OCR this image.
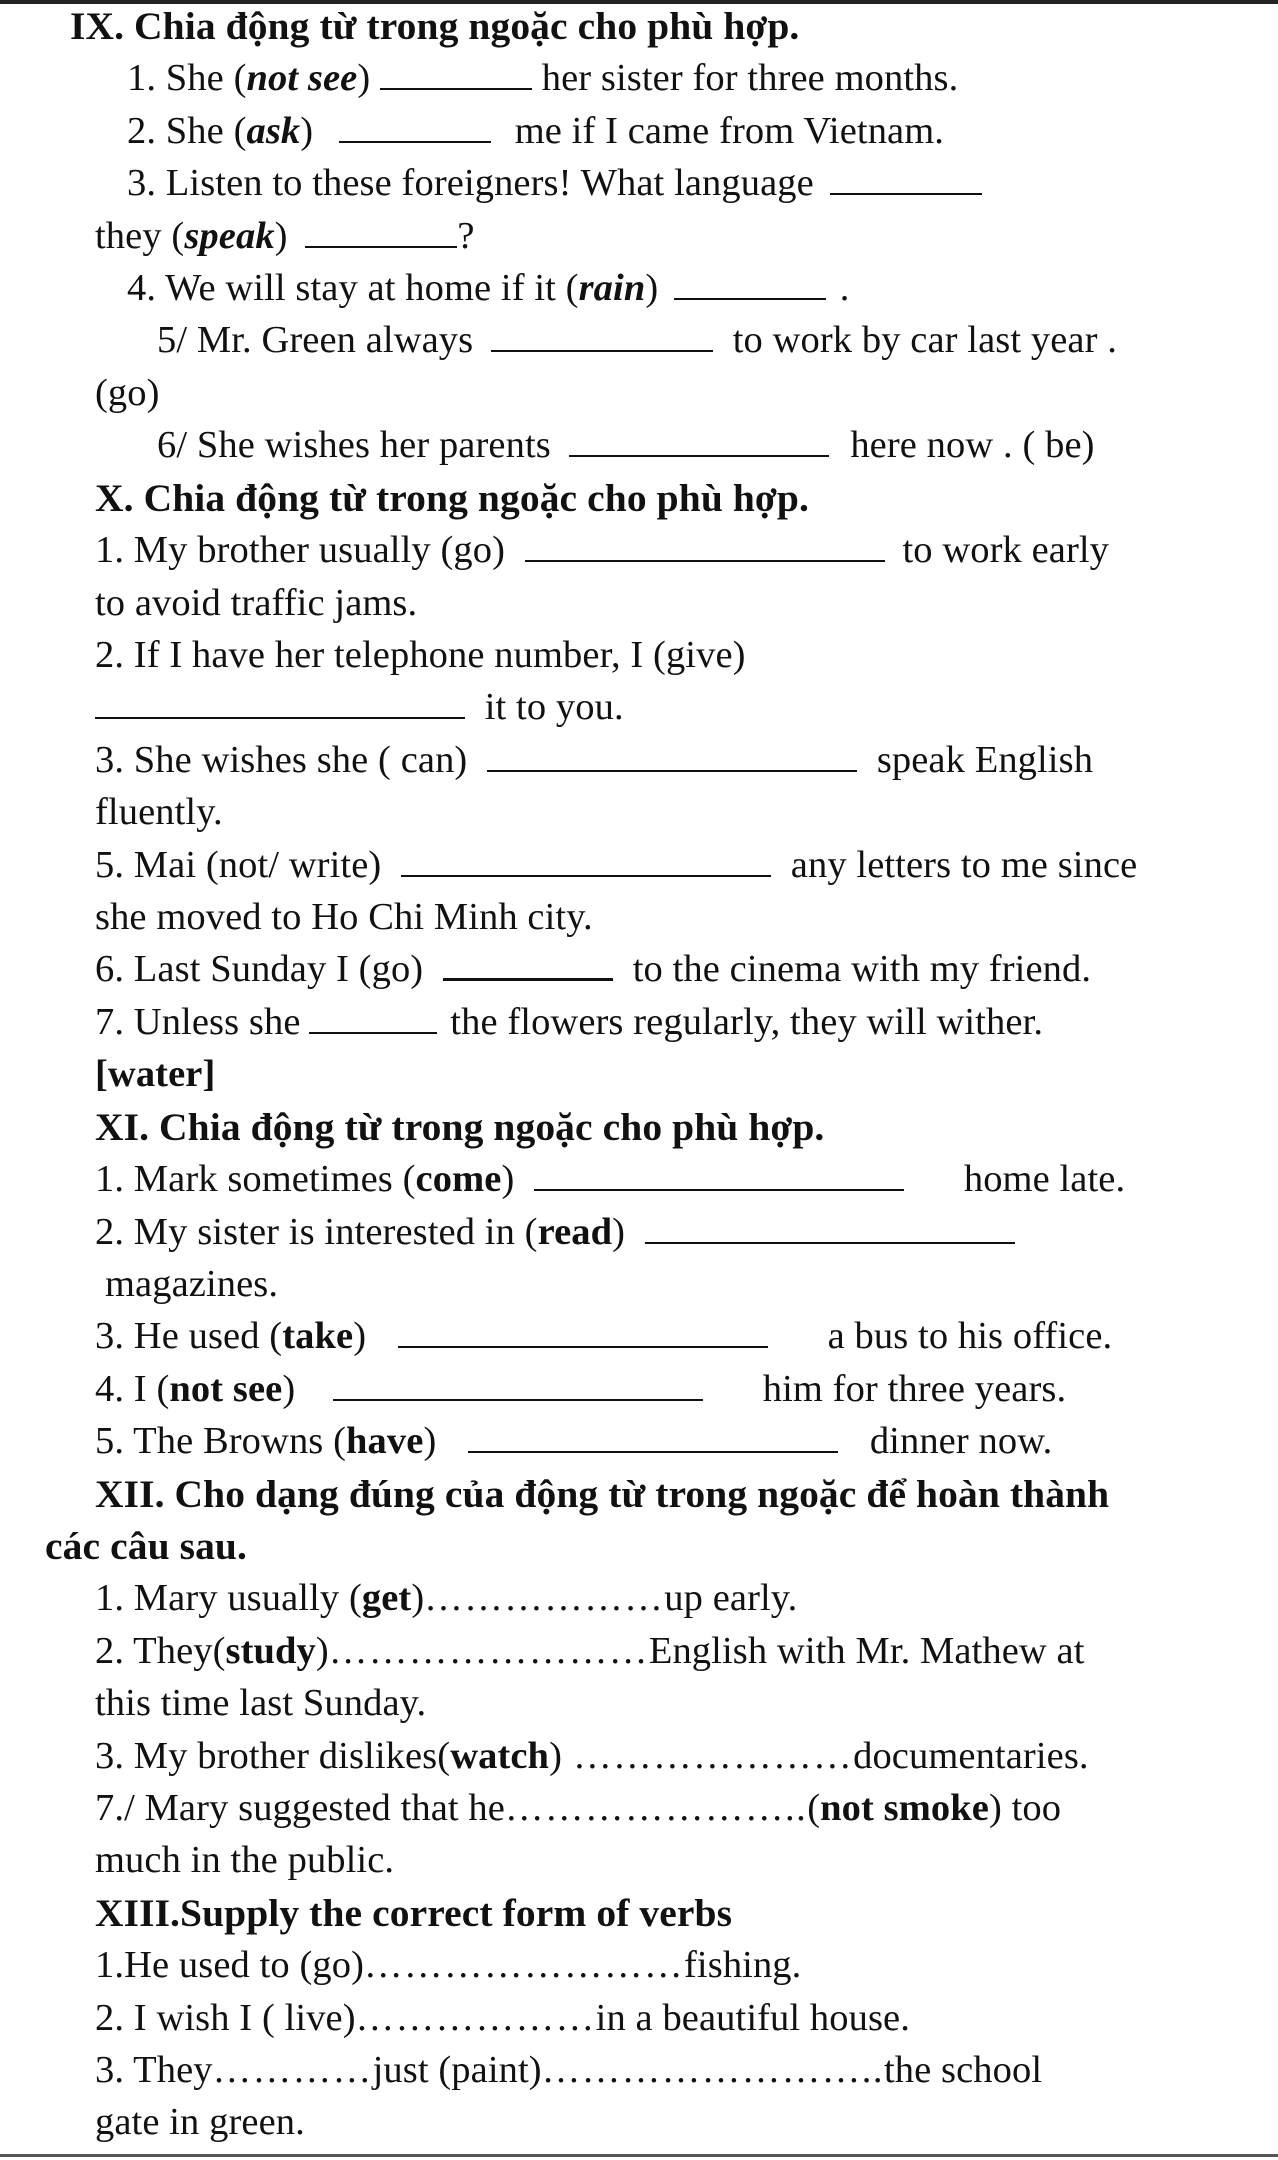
IX. Chia động từ trong ngoặc cho phù hợp.
1. She (not see)	her sister for three months.
2. She (ask)	me if I came from Vietnam.
3. Listen to these foreigners! What language
they (speak)	?
4. We will stay at home if it (rain)	.
5/ Mr. Green always	to work by car last year .
(go)
6/ She wishes her parents	here now . ( be)
X. Chia động từ trong ngoặc cho phù hợp.
1. My brother usually (go)	to work early
to avoid traffic jams.
2. If I have her telephone number, I (give)
it to you.
3. She wishes she ( can)	speak English
fluently.
5. Mai (not/ write)	any letters to me since
she moved to Ho Chi Minh city.
6. Last Sunday I (go)	to the cinema with my friend.
7. Unless she	the flowers regularly, they will wither.
[water]
XI. Chia động từ trong ngoặc cho phù hợp.
1. Mark sometimes (come)	home late.
2. My sister is interested in (read)
magazines.
3. He used (take)	a bus to his office.
4. I (not see)	him for three years.
5. The Browns (have)	dinner now.
XII. Cho dạng đúng của động từ trong ngoặc để hoàn thành
các câu sau.
1. Mary usually (get)………………up early.
2. They(study)……………………English with Mr. Mathew at
this time last Sunday.
3. My brother dislikes(watch) …………………documentaries.
7./ Mary suggested that he…………………..(not smoke) too
much in the public.
XIII.Supply the correct form of verbs
1.He used to (go)……………………fishing.
2. I wish I ( live)………………in a beautiful house.
3. They…………just (paint)……………………..the school
gate in green.
